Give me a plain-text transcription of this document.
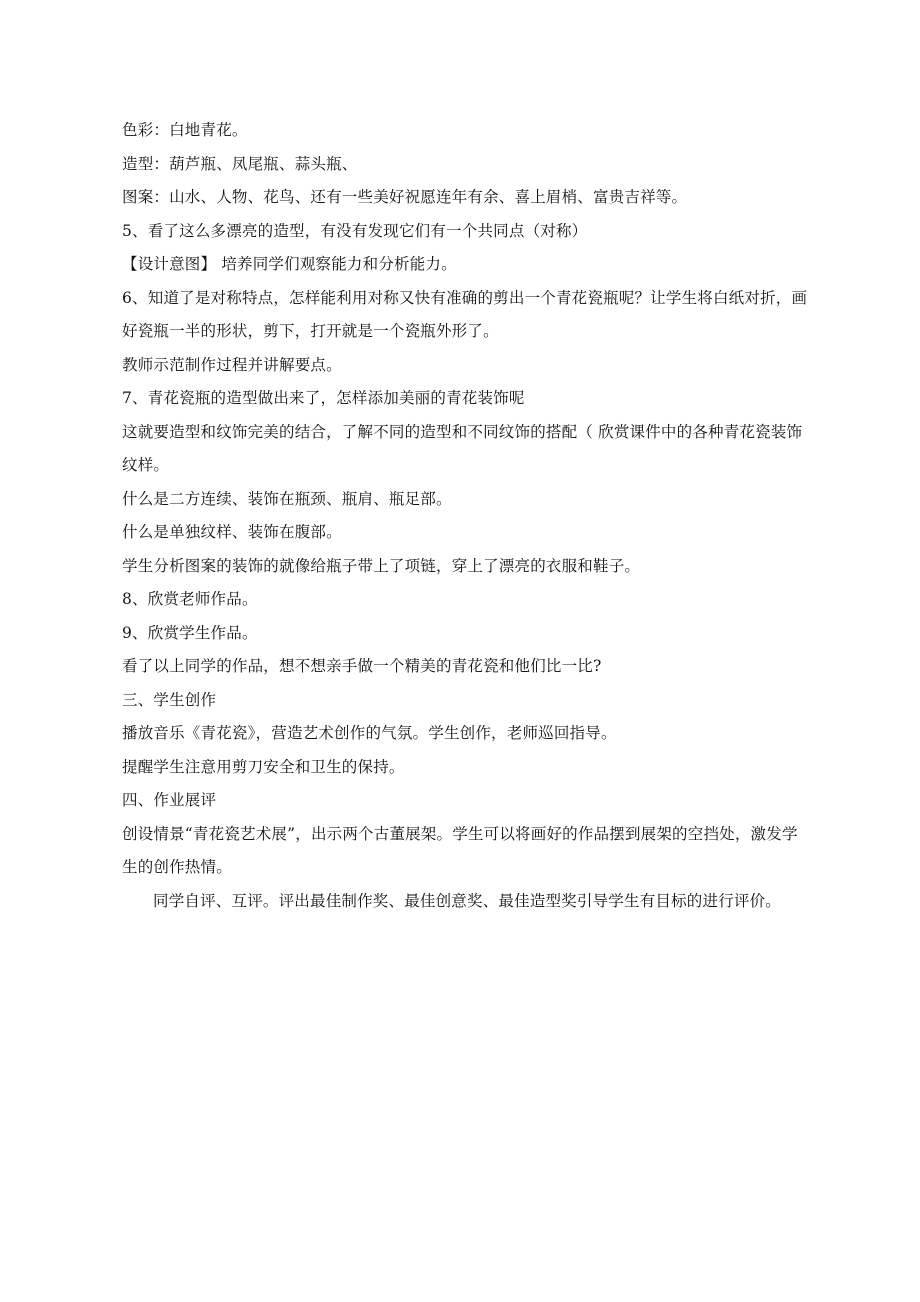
色彩：白地青花。

造型：葫芦瓶、凤尾瓶、蒜头瓶、

图案：山水、人物、花鸟、还有一些美好祝愿连年有余、喜上眉梢、富贵吉祥等。

5、看了这么多漂亮的造型，有没有发现它们有一个共同点（对称）

【设计意图】 培养同学们观察能力和分析能力。

6、知道了是对称特点，怎样能利用对称又快有准确的剪出一个青花瓷瓶呢？让学生将白纸对折，画好瓷瓶一半的形状，剪下，打开就是一个瓷瓶外形了。

教师示范制作过程并讲解要点。

7、青花瓷瓶的造型做出来了，怎样添加美丽的青花装饰呢

这就要造型和纹饰完美的结合，了解不同的造型和不同纹饰的搭配（ 欣赏课件中的各种青花瓷装饰纹样。

什么是二方连续、装饰在瓶颈、瓶肩、瓶足部。

什么是单独纹样、装饰在腹部。

学生分析图案的装饰的就像给瓶子带上了项链，穿上了漂亮的衣服和鞋子。

8、欣赏老师作品。

9、欣赏学生作品。

看了以上同学的作品，想不想亲手做一个精美的青花瓷和他们比一比?

三、学生创作

播放音乐《青花瓷》，营造艺术创作的气氛。学生创作，老师巡回指导。

提醒学生注意用剪刀安全和卫生的保持。

四、作业展评

创设情景“青花瓷艺术展”，出示两个古董展架。学生可以将画好的作品摆到展架的空挡处，激发学生的创作热情。

同学自评、互评。评出最佳制作奖、最佳创意奖、最佳造型奖引导学生有目标的进行评价。
